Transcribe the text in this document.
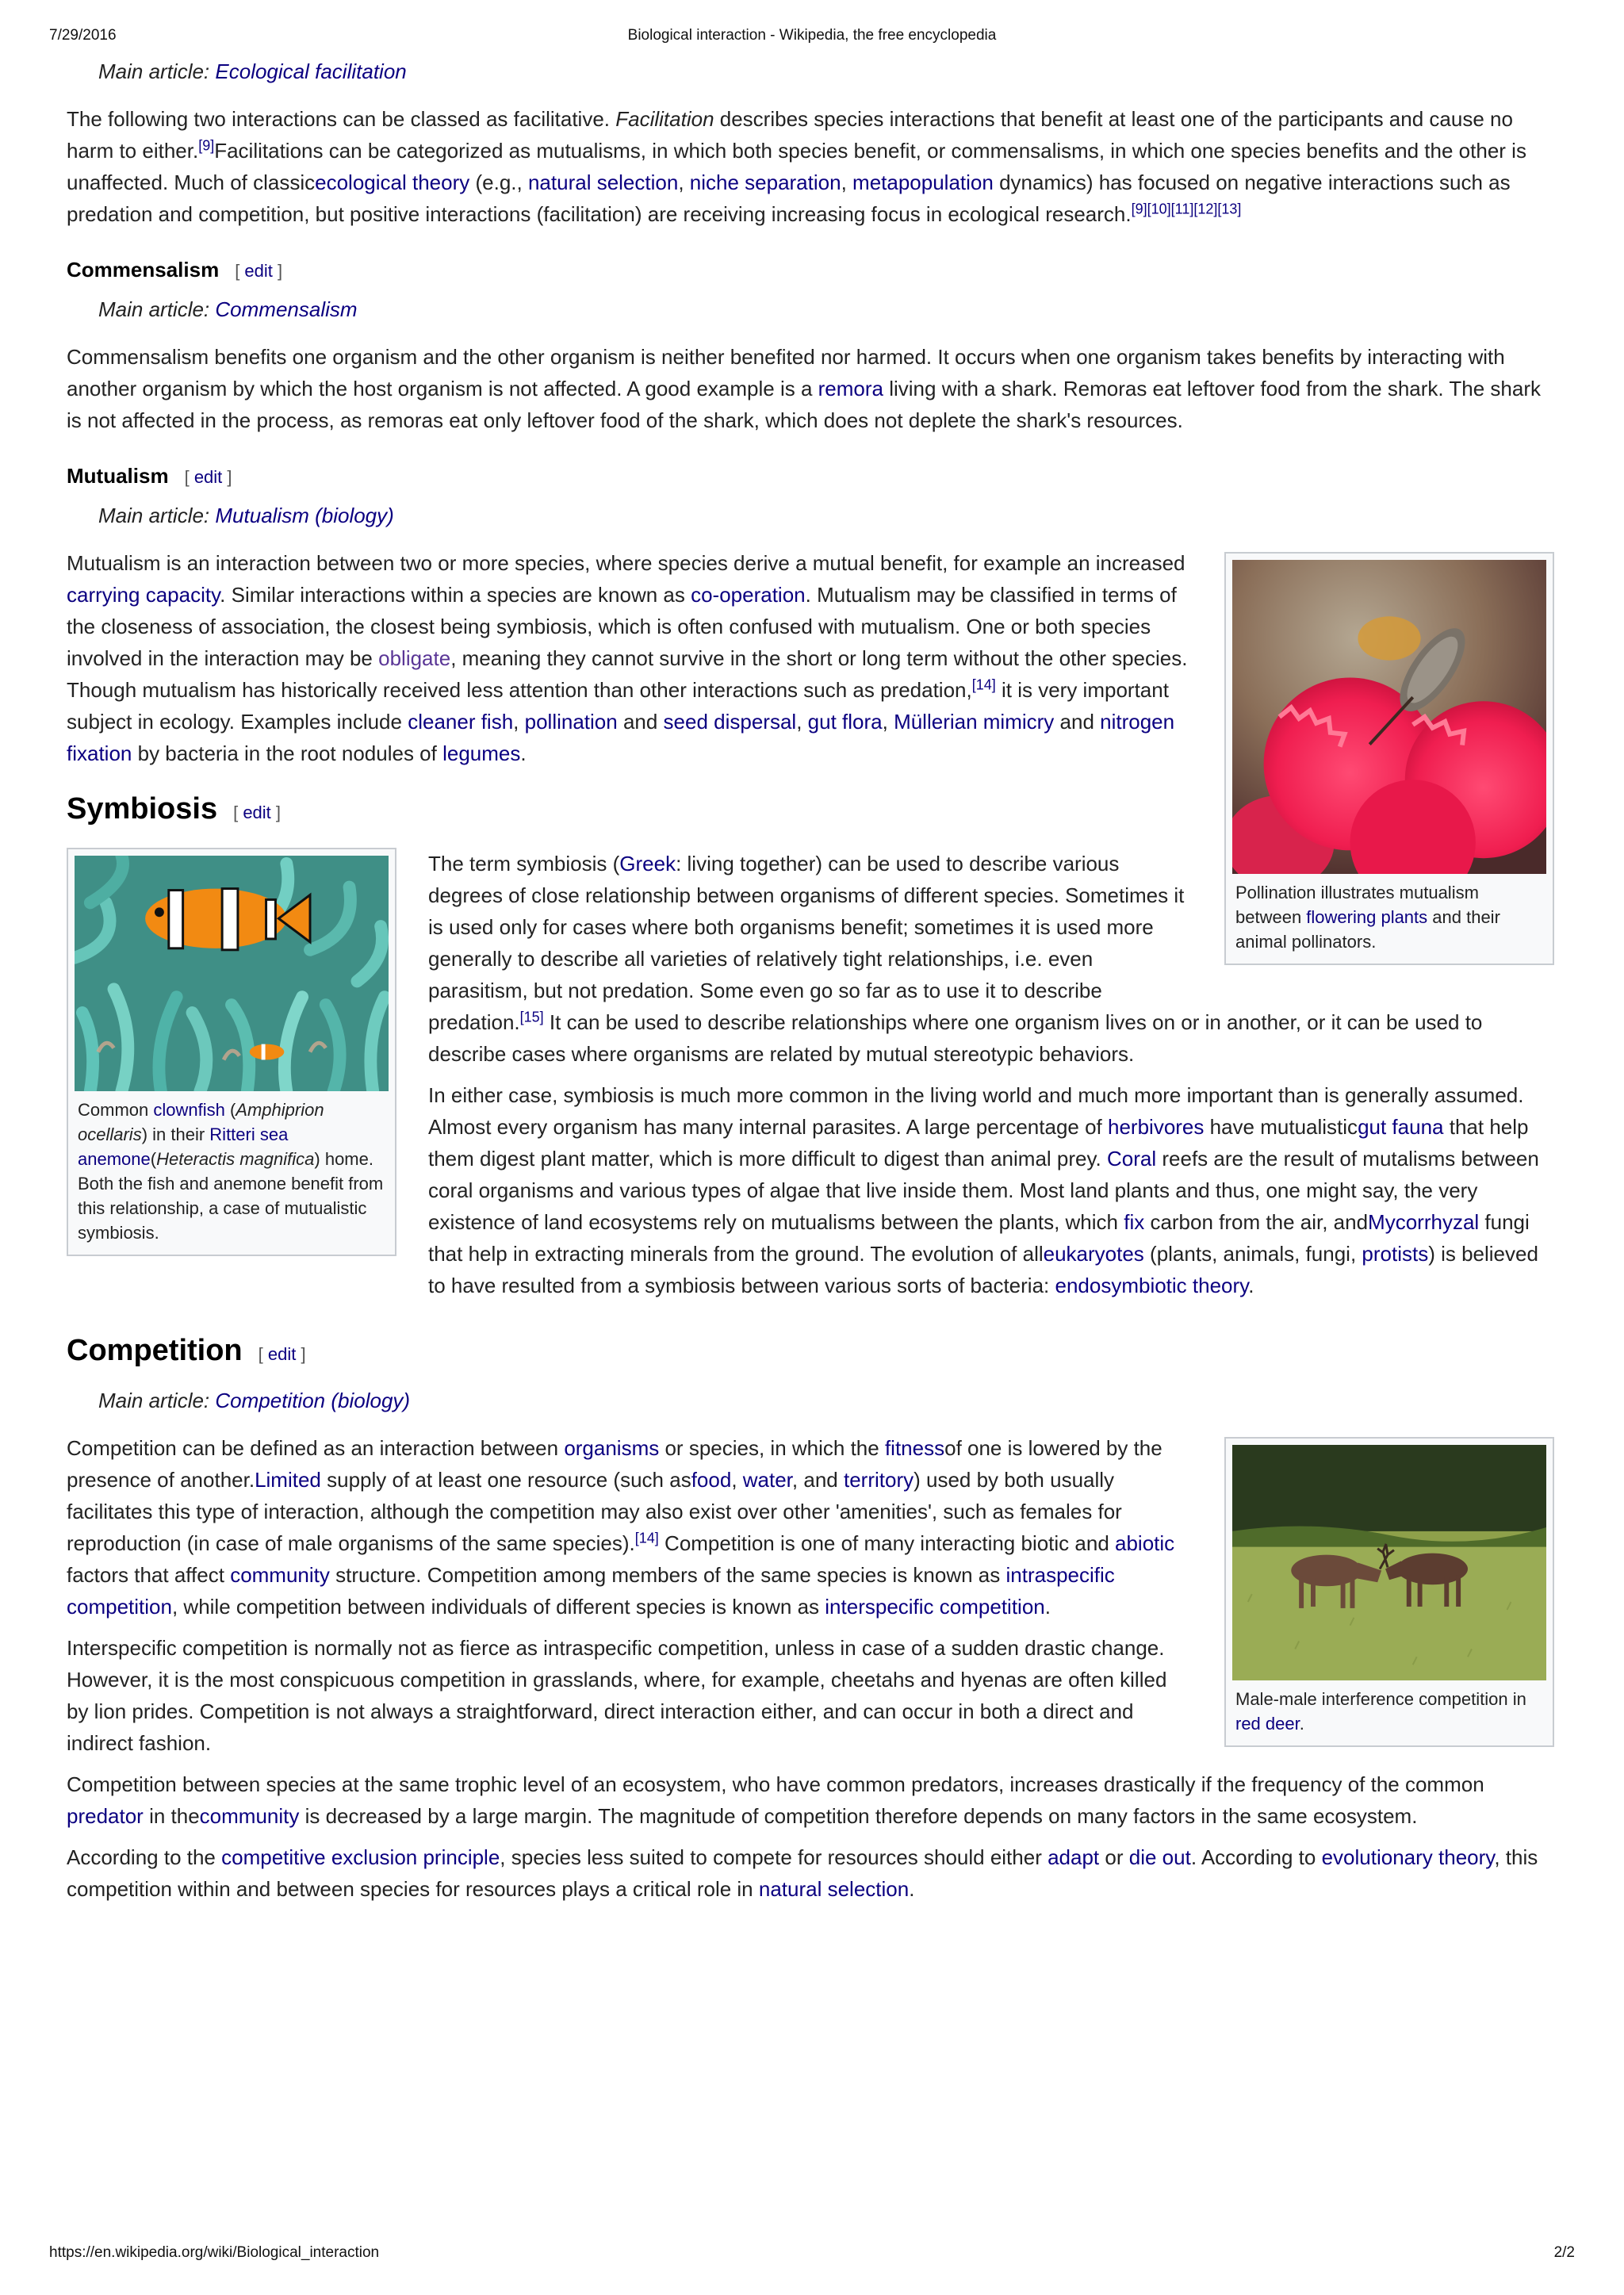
7/29/2016	Biological interaction - Wikipedia, the free encyclopedia
Main article: Ecological facilitation

The following two interactions can be classed as facilitative. Facilitation describes species interactions that benefit at least one of the participants and cause no harm to either.[9]Facilitations can be categorized as mutualisms, in which both species benefit, or commensalisms, in which one species benefits and the other is unaffected. Much of classicecological theory (e.g., natural selection, niche separation, metapopulation dynamics) has focused on negative interactions such as predation and competition, but positive interactions (facilitation) are receiving increasing focus in ecological research.[9][10][11][12][13]

Commensalism [ edit ]
Main article: Commensalism

Commensalism benefits one organism and the other organism is neither benefited nor harmed. It occurs when one organism takes benefits by interacting with another organism by which the host organism is not affected. A good example is a remora living with a shark. Remoras eat leftover food from the shark. The shark is not affected in the process, as remoras eat only leftover food of the shark, which does not deplete the shark's resources.

Mutualism [ edit ]
Main article: Mutualism (biology)
Pollination illustrates mutualism between flowering plants and their animal pollinators.

Mutualism is an interaction between two or more species, where species derive a mutual benefit, for example an increased carrying capacity. Similar interactions within a species are known as co-operation. Mutualism may be classified in terms of the closeness of association, the closest being symbiosis, which is often confused with mutualism. One or both species involved in the interaction may be obligate, meaning they cannot survive in the short or long term without the other species. Though mutualism has historically received less attention than other interactions such as predation,[14] it is very important subject in ecology. Examples include cleaner fish, pollination and seed dispersal, gut flora, Müllerian mimicry and nitrogen fixation by bacteria in the root nodules of legumes.

Symbiosis [ edit ]
Common clownfish (Amphiprion ocellaris) in their Ritteri sea anemone(Heteractis magnifica) home. Both the fish and anemone benefit from this relationship, a case of mutualistic symbiosis.

The term symbiosis (Greek: living together) can be used to describe various degrees of close relationship between organisms of different species. Sometimes it is used only for cases where both organisms benefit; sometimes it is used more generally to describe all varieties of relatively tight relationships, i.e. even parasitism, but not predation. Some even go so far as to use it to describe predation.[15] It can be used to describe relationships where one organism lives on or in another, or it can be used to describe cases where organisms are related by mutual stereotypic behaviors.

In either case, symbiosis is much more common in the living world and much more important than is generally assumed. Almost every organism has many internal parasites. A large percentage of herbivores have mutualisticgut fauna that help them digest plant matter, which is more difficult to digest than animal prey. Coral reefs are the result of mutalisms between coral organisms and various types of algae that live inside them. Most land plants and thus, one might say, the very existence of land ecosystems rely on mutualisms between the plants, which fix carbon from the air, andMycorrhyzal fungi that help in extracting minerals from the ground. The evolution of alleukaryotes (plants, animals, fungi, protists) is believed to have resulted from a symbiosis between various sorts of bacteria: endosymbiotic theory.

Competition [ edit ]
Main article: Competition (biology)
Male-male interference competition in red deer.

Competition can be defined as an interaction between organisms or species, in which the fitnessof one is lowered by the presence of another.Limited supply of at least one resource (such asfood, water, and territory) used by both usually facilitates this type of interaction, although the competition may also exist over other 'amenities', such as females for reproduction (in case of male organisms of the same species).[14] Competition is one of many interacting biotic and abiotic factors that affect community structure. Competition among members of the same species is known as intraspecific competition, while competition between individuals of different species is known as interspecific competition.

Interspecific competition is normally not as fierce as intraspecific competition, unless in case of a sudden drastic change. However, it is the most conspicuous competition in grasslands, where, for example, cheetahs and hyenas are often killed by lion prides. Competition is not always a straightforward, direct interaction either, and can occur in both a direct and indirect fashion.

Competition between species at the same trophic level of an ecosystem, who have common predators, increases drastically if the frequency of the common predator in thecommunity is decreased by a large margin. The magnitude of competition therefore depends on many factors in the same ecosystem.

According to the competitive exclusion principle, species less suited to compete for resources should either adapt or die out. According to evolutionary theory, this competition within and between species for resources plays a critical role in natural selection.

https://en.wikipedia.org/wiki/Biological_interaction	2/2
